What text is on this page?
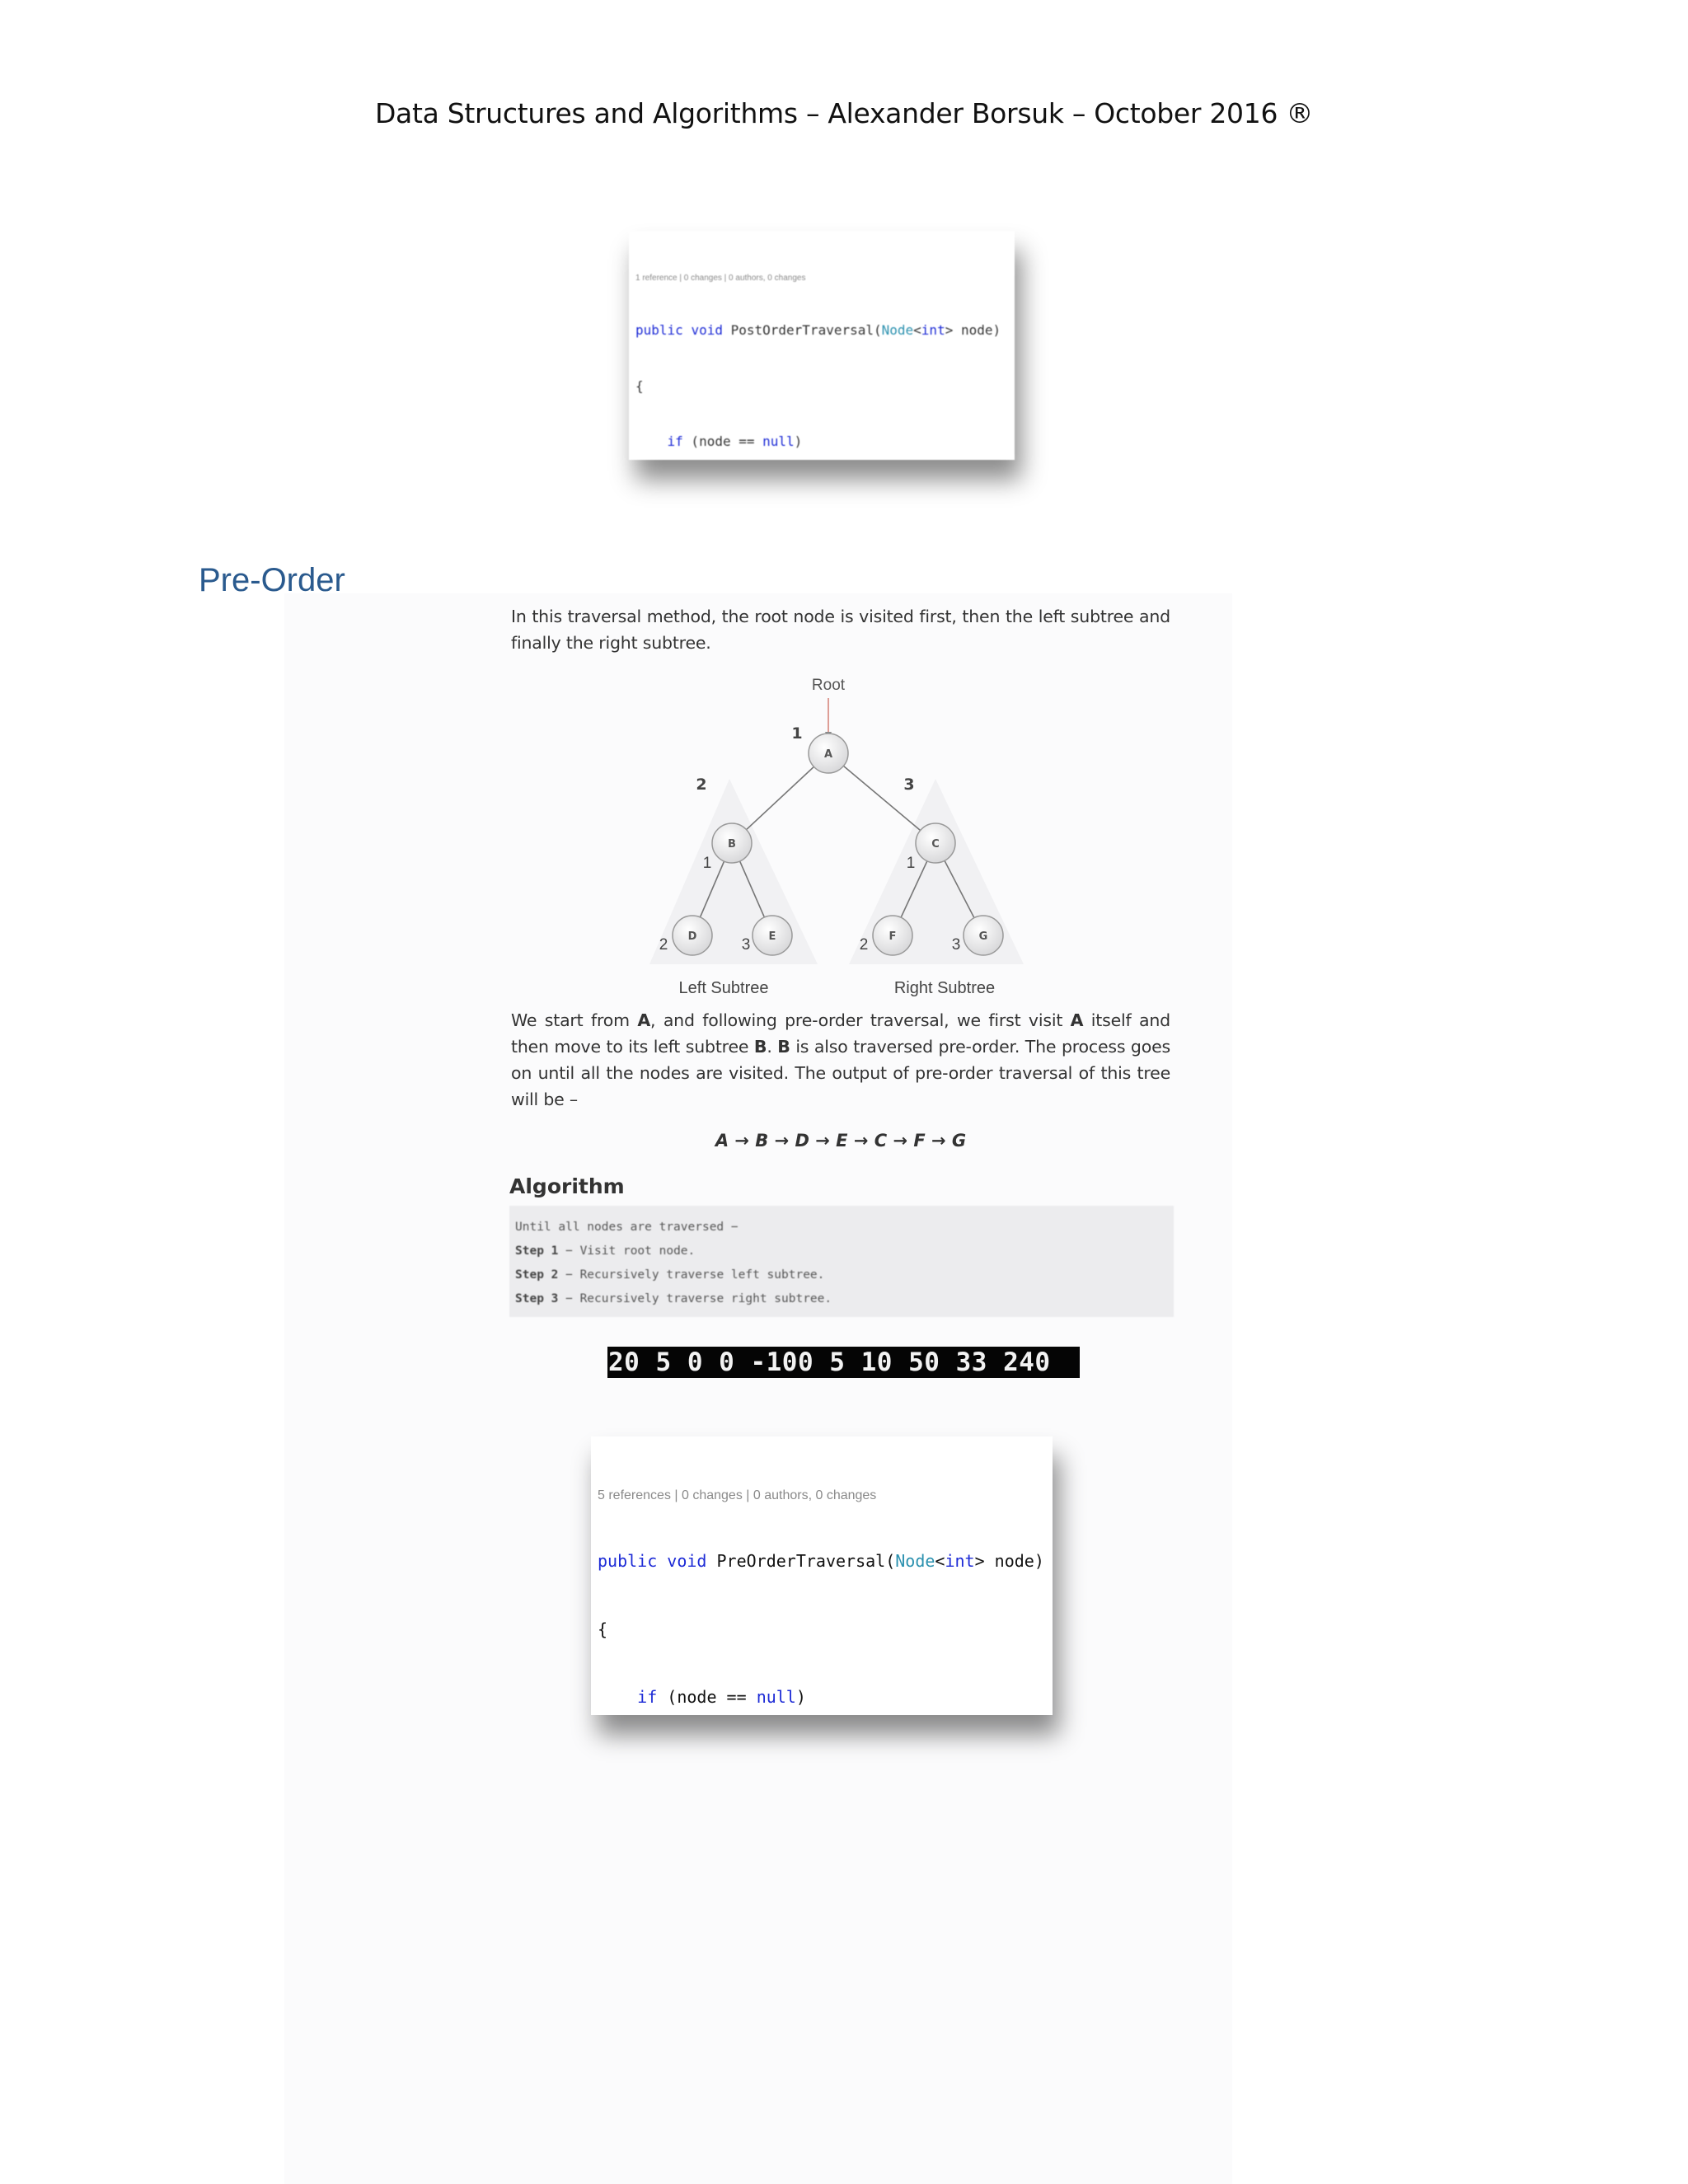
Data Structures and Algorithms – Alexander Borsuk – October 2016 ®

1 reference | 0 changes | 0 authors, 0 changes

public void PostOrderTraversal(Node<int> node)

{

if (node == null)

Pre-Order
In this traversal method, the root node is visited first, then the left subtree and finally the right subtree.
Root
A
B	C
D	E	F	G
1
2	3
1
2	3
1
2	3
Left Subtree	Right Subtree
We start from A, and following pre-order traversal, we first visit A itself and then move to its left subtree B. B is also traversed pre-order. The process goes on until all the nodes are visited. The output of pre-order traversal of this tree will be –
A → B → D → E → C → F → G
Algorithm
Until all nodes are traversed −
Step 1 − Visit root node.
Step 2 − Recursively traverse left subtree.
Step 3 − Recursively traverse right subtree.
20 5 0 0 -100 5 10 50 33 240

5 references | 0 changes | 0 authors, 0 changes

public void PreOrderTraversal(Node<int> node)

{

if (node == null)
